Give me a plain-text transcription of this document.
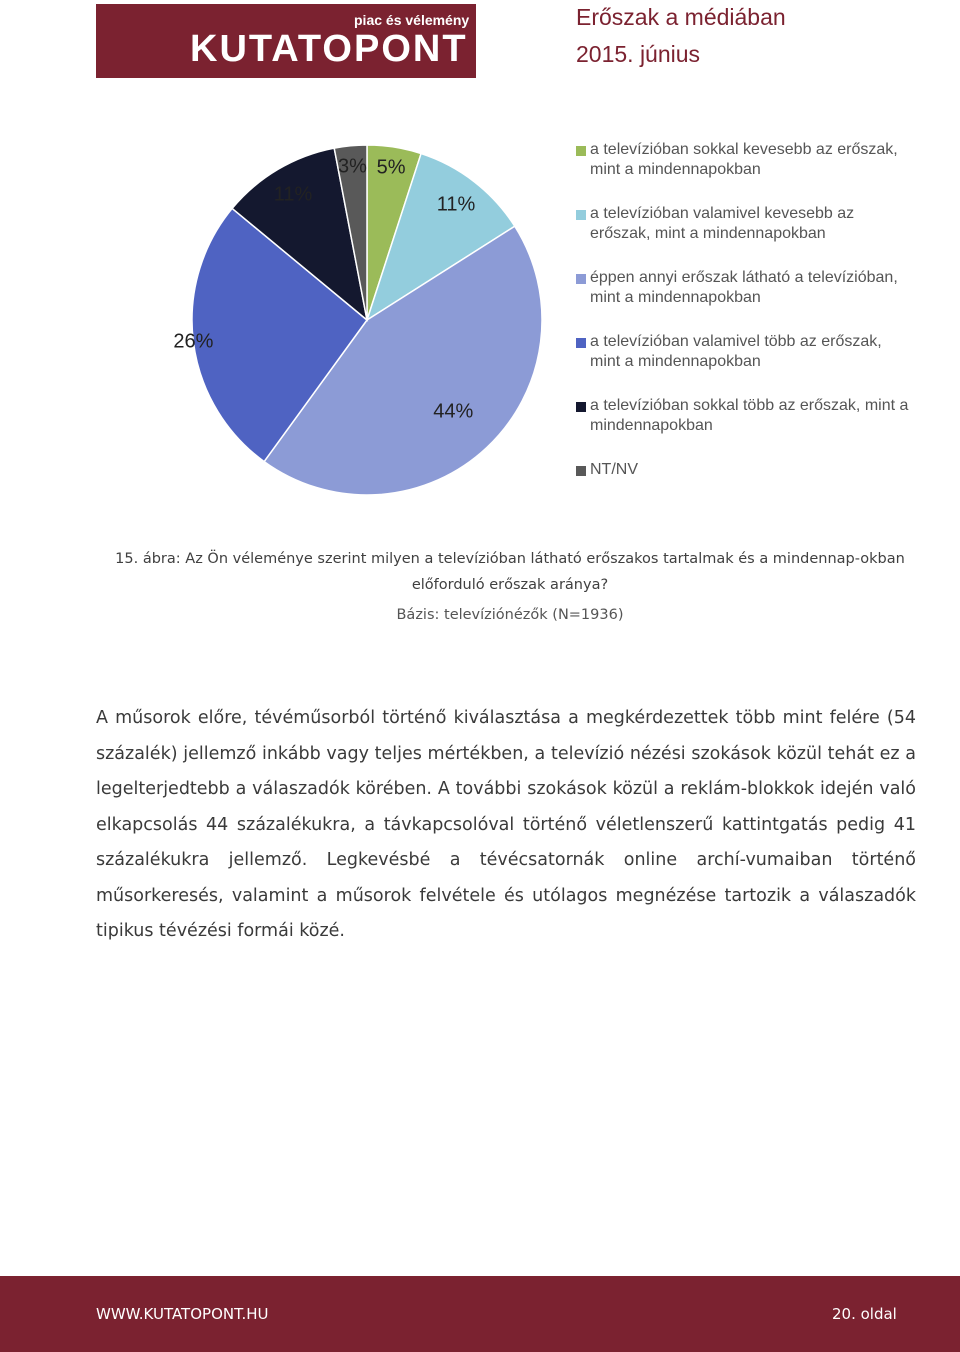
piac és vélemény
KUTATOPONT
Erőszak a médiában
2015. június
5%
11%
44%
26%
11%
3%
a televízióban sokkal kevesebb az erőszak, mint a mindennapokban
a televízióban valamivel kevesebb az erőszak, mint a mindennapokban
éppen annyi erőszak látható a televízióban, mint a mindennapokban
a televízióban valamivel több az erőszak, mint a mindennapokban
a televízióban sokkal több az erőszak, mint a mindennapokban
NT/NV
15. ábra: Az Ön véleménye szerint milyen a televízióban látható erőszakos tartalmak és a mindennap-okban előforduló erőszak aránya?
Bázis: televíziónézők (N=1936)
A műsorok előre, tévéműsorból történő kiválasztása a megkérdezettek több mint felére (54 százalék) jellemző inkább vagy teljes mértékben, a televízió nézési szokások közül tehát ez a legelterjedtebb a válaszadók körében. A további szokások közül a reklám-blokkok idején való elkapcsolás 44 százalékukra, a távkapcsolóval történő véletlenszerű kattintgatás pedig 41 százalékukra jellemző. Legkevésbé a tévécsatornák online archí-vumaiban történő műsorkeresés, valamint a műsorok felvétele és utólagos megnézése tartozik a válaszadók tipikus tévézési formái közé.
WWW.KUTATOPONT.HU	20. oldal
